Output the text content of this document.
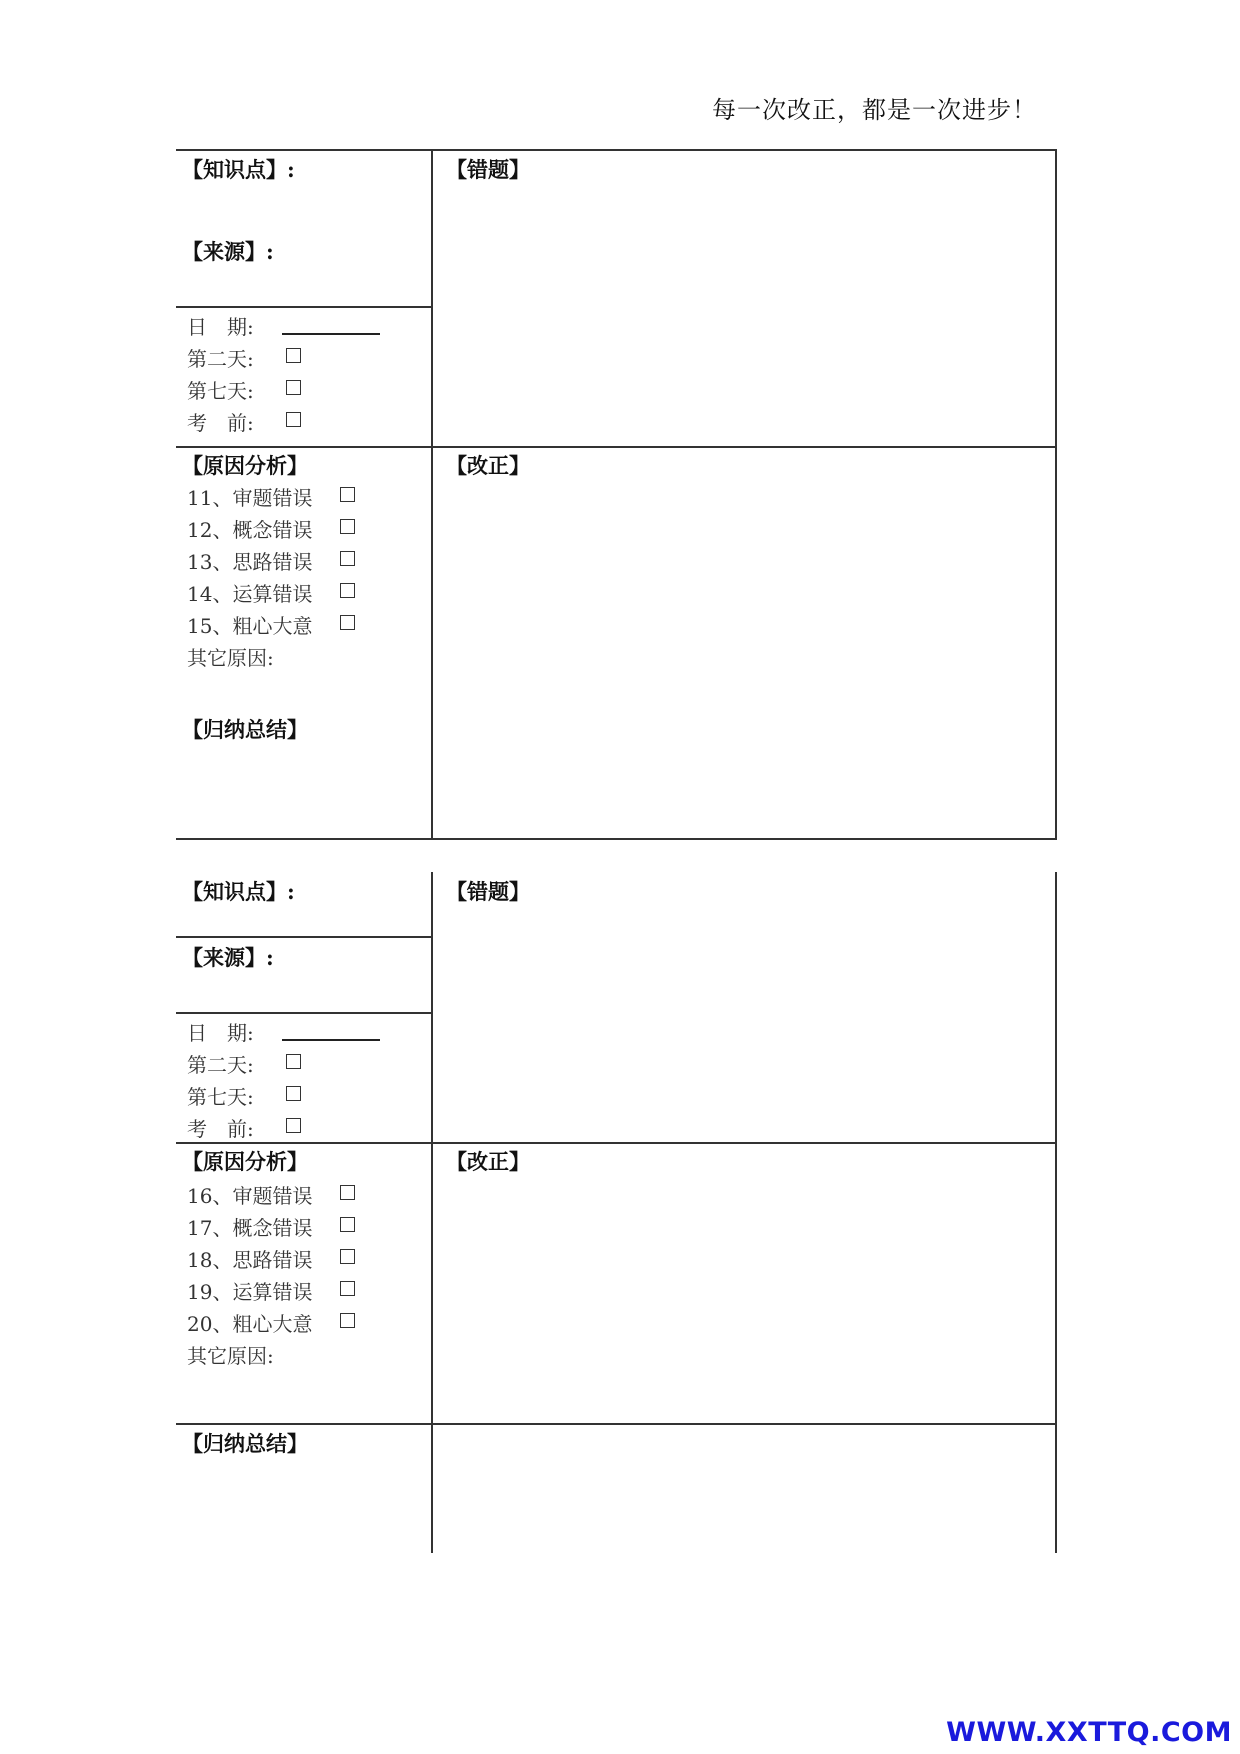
每一次改正，都是一次进步！
【知识点】:
【来源】:
【错题】
日　期:
第二天:
第七天:
考　前:
【原因分析】
11、审题错误
12、概念错误
13、思路错误
14、运算错误
15、粗心大意
其它原因:
【归纳总结】
【改正】
【知识点】:
【来源】:
【错题】
日　期:
第二天:
第七天:
考　前:
【原因分析】
16、审题错误
17、概念错误
18、思路错误
19、运算错误
20、粗心大意
其它原因:
【归纳总结】
【改正】
WWW.XXTTQ.COM
